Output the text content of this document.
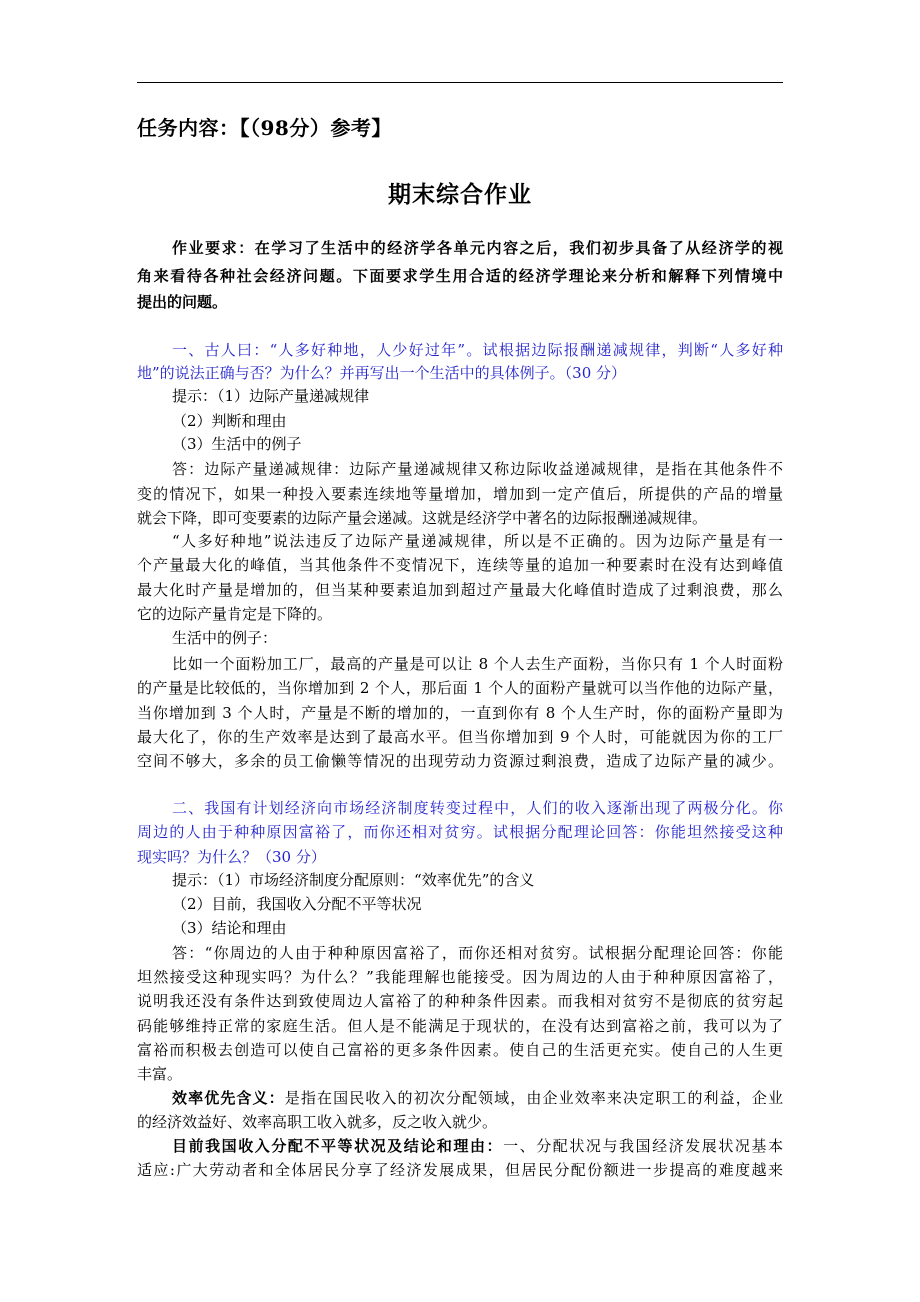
任务内容：【（98分）参考】
期末综合作业
作业要求：在学习了生活中的经济学各单元内容之后，我们初步具备了从经济学的视
角来看待各种社会经济问题。下面要求学生用合适的经济学理论来分析和解释下列情境中
提出的问题。
一、古人曰：“人多好种地，人少好过年”。试根据边际报酬递减规律，判断“人多好种
地”的说法正确与否？为什么？并再写出一个生活中的具体例子。（30 分）
提示：（1）边际产量递减规律
（2）判断和理由
（3）生活中的例子
答：边际产量递减规律：边际产量递减规律又称边际收益递减规律，是指在其他条件不
变的情况下，如果一种投入要素连续地等量增加，增加到一定产值后，所提供的产品的增量
就会下降，即可变要素的边际产量会递减。这就是经济学中著名的边际报酬递减规律。
“人多好种地”说法违反了边际产量递减规律，所以是不正确的。因为边际产量是有一
个产量最大化的峰值，当其他条件不变情况下，连续等量的追加一种要素时在没有达到峰值
最大化时产量是增加的，但当某种要素追加到超过产量最大化峰值时造成了过剩浪费，那么
它的边际产量肯定是下降的。
生活中的例子：
比如一个面粉加工厂，最高的产量是可以让 8 个人去生产面粉，当你只有 1 个人时面粉
的产量是比较低的，当你增加到 2 个人，那后面 1 个人的面粉产量就可以当作他的边际产量，
当你增加到 3 个人时，产量是不断的增加的，一直到你有 8 个人生产时，你的面粉产量即为
最大化了，你的生产效率是达到了最高水平。但当你增加到 9 个人时，可能就因为你的工厂
空间不够大，多余的员工偷懒等情况的出现劳动力资源过剩浪费，造成了边际产量的减少。
二、我国有计划经济向市场经济制度转变过程中，人们的收入逐渐出现了两极分化。你
周边的人由于种种原因富裕了，而你还相对贫穷。试根据分配理论回答：你能坦然接受这种
现实吗？为什么？（30 分）
提示：（1）市场经济制度分配原则：“效率优先”的含义
（2）目前，我国收入分配不平等状况
（3）结论和理由
答：“你周边的人由于种种原因富裕了，而你还相对贫穷。试根据分配理论回答：你能
坦然接受这种现实吗？为什么？”我能理解也能接受。因为周边的人由于种种原因富裕了，
说明我还没有条件达到致使周边人富裕了的种种条件因素。而我相对贫穷不是彻底的贫穷起
码能够维持正常的家庭生活。但人是不能满足于现状的，在没有达到富裕之前，我可以为了
富裕而积极去创造可以使自己富裕的更多条件因素。使自己的生活更充实。使自己的人生更
丰富。
效率优先含义：是指在国民收入的初次分配领域，由企业效率来决定职工的利益，企业
的经济效益好、效率高职工收入就多，反之收入就少。
目前我国收入分配不平等状况及结论和理由：一、分配状况与我国经济发展状况基本
适应:广大劳动者和全体居民分享了经济发展成果，但居民分配份额进一步提高的难度越来
